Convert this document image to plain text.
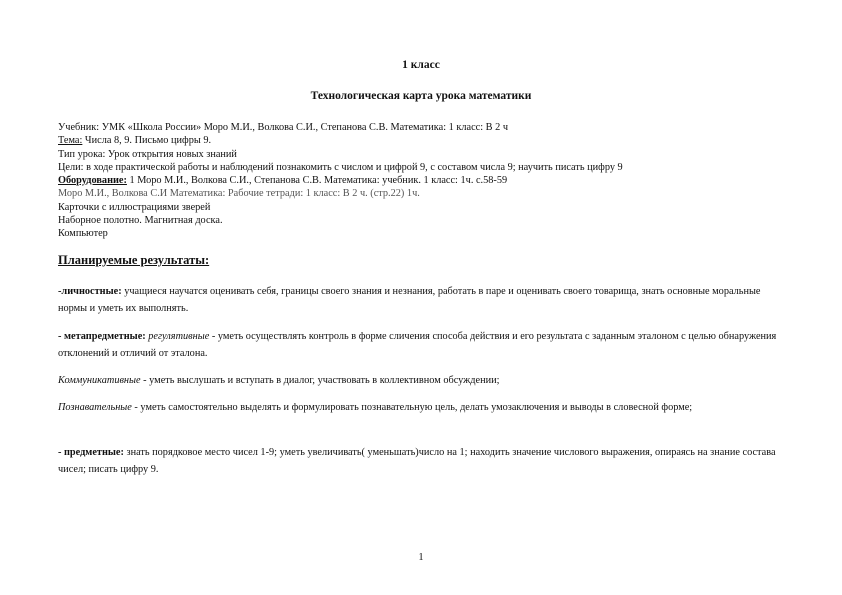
1 класс
Технологическая карта урока математики
Учебник: УМК «Школа России» Моро М.И., Волкова С.И., Степанова С.В. Математика: 1 класс: В 2 ч
Тема: Числа 8, 9. Письмо цифры 9.
Тип урока: Урок открытия новых знаний
Цели: в ходе практической работы и наблюдений познакомить с числом и цифрой 9, с составом числа 9; научить писать цифру 9
Оборудование: 1 Моро М.И., Волкова С.И., Степанова С.В. Математика: учебник. 1 класс: 1ч. с.58-59
Моро М.И., Волкова С.И Математика: Рабочие тетради: 1 класс: В 2 ч. (стр.22) 1ч.
Карточки с иллюстрациями зверей
Наборное полотно. Магнитная доска.
Компьютер
Планируемые результаты:
-личностные: учащиеся научатся оценивать себя, границы своего знания и незнания, работать в паре и оценивать своего товарища, знать основные моральные нормы и уметь их выполнять.
- метапредметные: регулятивные - уметь осуществлять контроль в форме сличения способа действия и его результата с заданным эталоном с целью обнаружения отклонений и отличий от эталона.
Коммуникативные - уметь выслушать и вступать в диалог, участвовать в коллективном обсуждении;
Познавательные - уметь самостоятельно выделять и формулировать познавательную цель, делать умозаключения и выводы в словесной форме;
- предметные: знать порядковое место чисел 1-9; уметь увеличивать( уменьшать)число на 1; находить значение числового выражения, опираясь на знание состава чисел; писать цифру 9.
1
